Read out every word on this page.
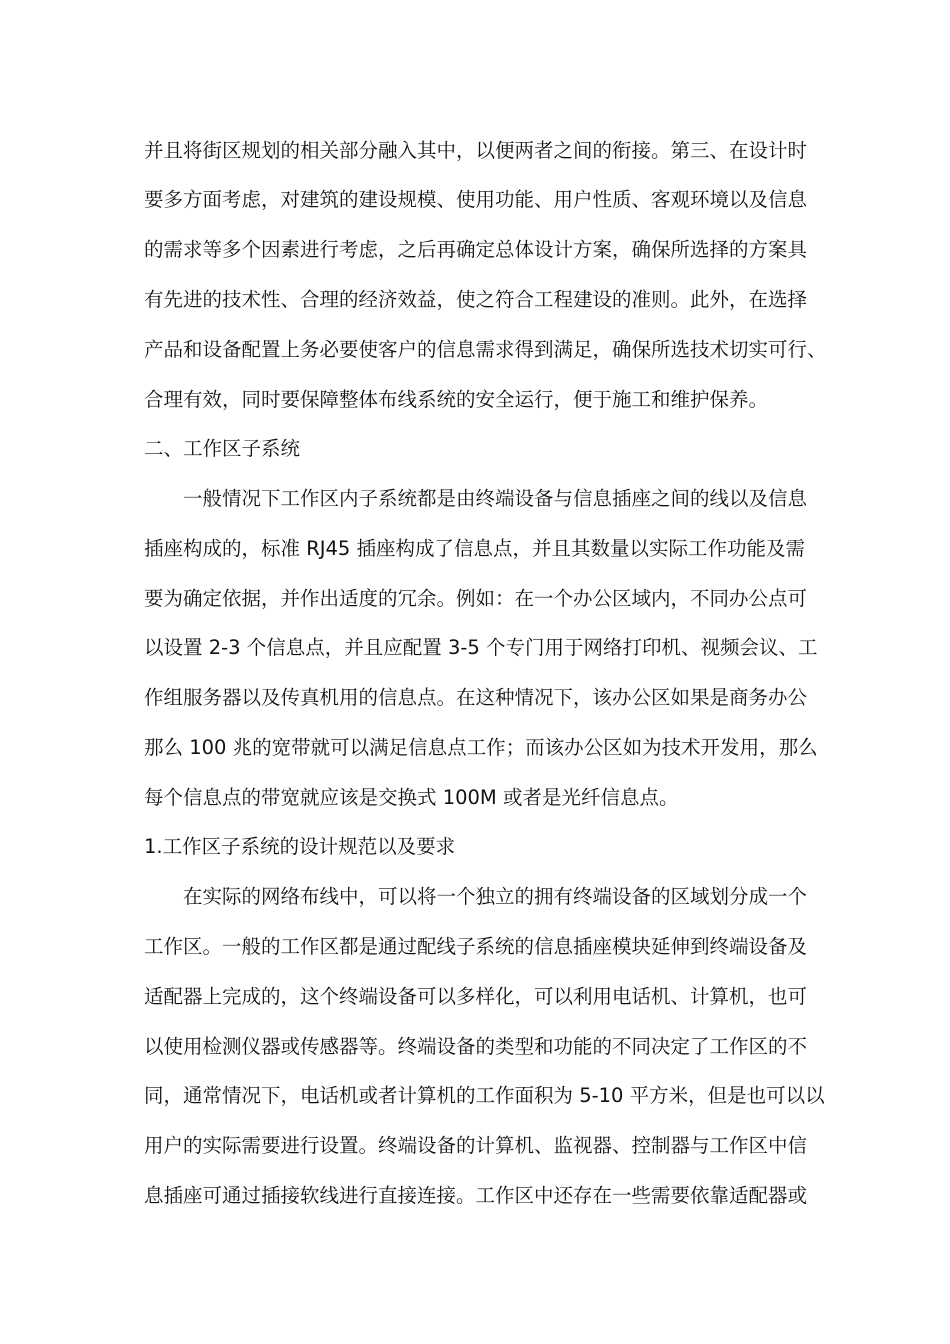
并且将街区规划的相关部分融入其中，以便两者之间的衔接。第三、在设计时
要多方面考虑，对建筑的建设规模、使用功能、用户性质、客观环境以及信息
的需求等多个因素进行考虑，之后再确定总体设计方案，确保所选择的方案具
有先进的技术性、合理的经济效益，使之符合工程建设的准则。此外，在选择
产品和设备配置上务必要使客户的信息需求得到满足，确保所选技术切实可行、
合理有效，同时要保障整体布线系统的安全运行，便于施工和维护保养。
二、工作区子系统
一般情况下工作区内子系统都是由终端设备与信息插座之间的线以及信息
插座构成的，标准 RJ45 插座构成了信息点，并且其数量以实际工作功能及需
要为确定依据，并作出适度的冗余。例如：在一个办公区域内，不同办公点可
以设置 2-3 个信息点，并且应配置 3-5 个专门用于网络打印机、视频会议、工
作组服务器以及传真机用的信息点。在这种情况下，该办公区如果是商务办公
那么 100 兆的宽带就可以满足信息点工作；而该办公区如为技术开发用，那么
每个信息点的带宽就应该是交换式 100M 或者是光纤信息点。
1.工作区子系统的设计规范以及要求
在实际的网络布线中，可以将一个独立的拥有终端设备的区域划分成一个
工作区。一般的工作区都是通过配线子系统的信息插座模块延伸到终端设备及
适配器上完成的，这个终端设备可以多样化，可以利用电话机、计算机，也可
以使用检测仪器或传感器等。终端设备的类型和功能的不同决定了工作区的不
同，通常情况下，电话机或者计算机的工作面积为 5-10 平方米，但是也可以以
用户的实际需要进行设置。终端设备的计算机、监视器、控制器与工作区中信
息插座可通过插接软线进行直接连接。工作区中还存在一些需要依靠适配器或
